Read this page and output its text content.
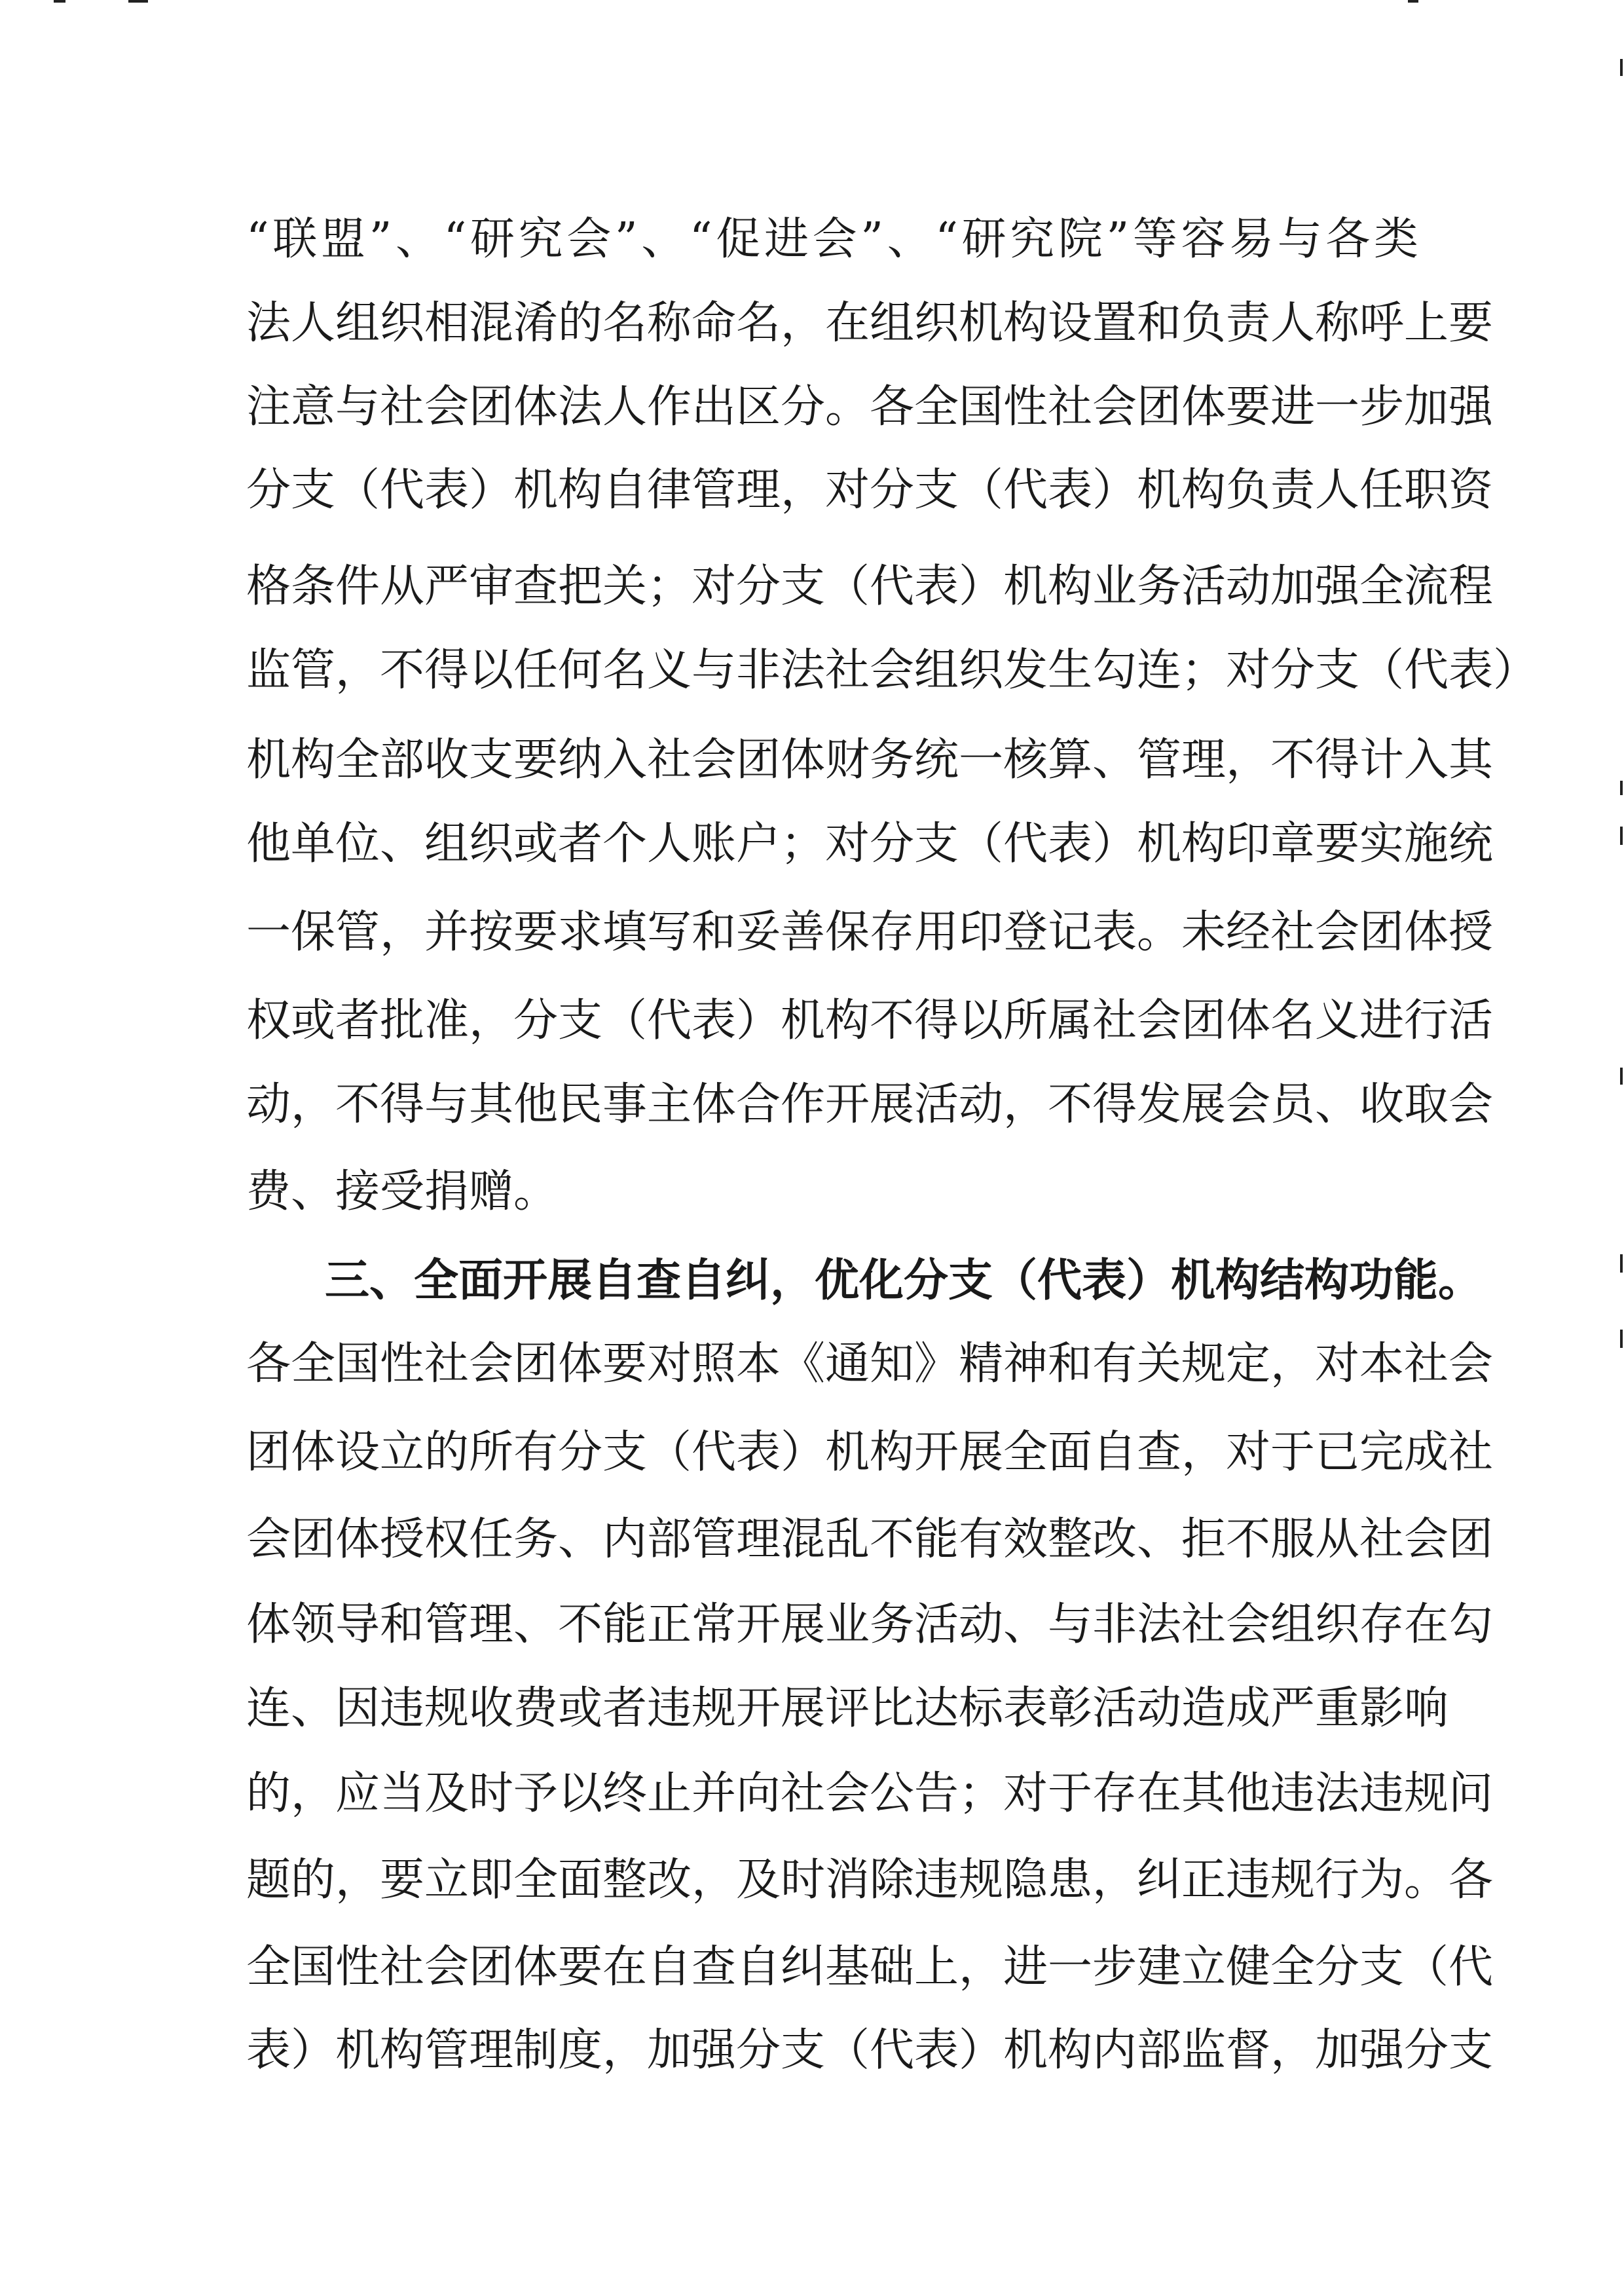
“联盟”、“研究会”、“促进会”、“研究院”等容易与各类
法人组织相混淆的名称命名，在组织机构设置和负责人称呼上要
注意与社会团体法人作出区分。各全国性社会团体要进一步加强
分支（代表）机构自律管理，对分支（代表）机构负责人任职资
格条件从严审查把关；对分支（代表）机构业务活动加强全流程
监管，不得以任何名义与非法社会组织发生勾连；对分支（代表）
机构全部收支要纳入社会团体财务统一核算、管理，不得计入其
他单位、组织或者个人账户；对分支（代表）机构印章要实施统
一保管，并按要求填写和妥善保存用印登记表。未经社会团体授
权或者批准，分支（代表）机构不得以所属社会团体名义进行活
动，不得与其他民事主体合作开展活动，不得发展会员、收取会
费、接受捐赠。
三、全面开展自查自纠，优化分支（代表）机构结构功能。
各全国性社会团体要对照本《通知》精神和有关规定，对本社会
团体设立的所有分支（代表）机构开展全面自查，对于已完成社
会团体授权任务、内部管理混乱不能有效整改、拒不服从社会团
体领导和管理、不能正常开展业务活动、与非法社会组织存在勾
连、因违规收费或者违规开展评比达标表彰活动造成严重影响
的，应当及时予以终止并向社会公告；对于存在其他违法违规问
题的，要立即全面整改，及时消除违规隐患，纠正违规行为。各
全国性社会团体要在自查自纠基础上，进一步建立健全分支（代
表）机构管理制度，加强分支（代表）机构内部监督，加强分支
